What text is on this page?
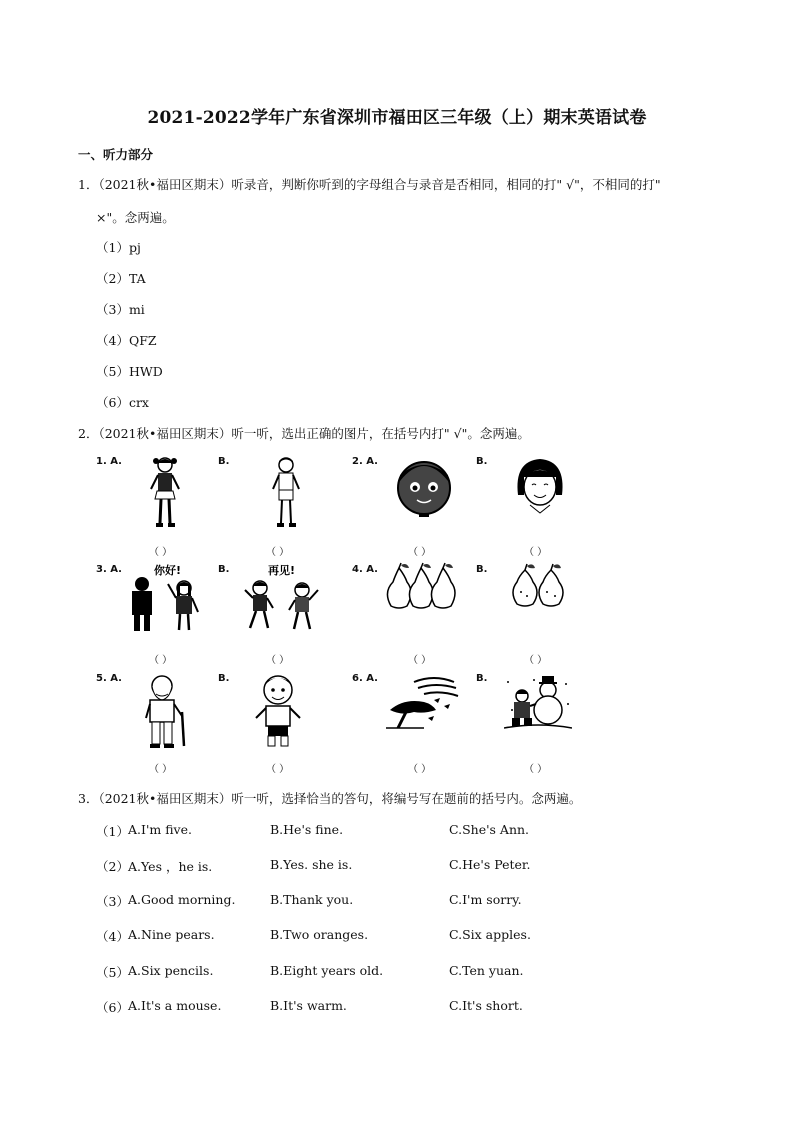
2021-2022学年广东省深圳市福田区三年级（上）期末英语试卷
一、听力部分
1．（2021秋•福田区期末）听录音，判断你听到的字母组合与录音是否相同，相同的打" √"，不相同的打"
×"。念两遍。
（1）pj
（2）TA
（3）mi
（4）QFZ
（5）HWD
（6）crx
2．（2021秋•福田区期末）听一听，选出正确的图片，在括号内打" √"。念两遍。
1. A.	B.	2. A.	B.
（ ）	（ ）	（ ）	（ ）
3. A.	B.	4. A.	B.
你好!	再见!
（ ）	（ ）	（ ）	（ ）
5. A.	B.	6. A.	B.
（ ）	（ ）	（ ）	（ ）
3．（2021秋•福田区期末）听一听，选择恰当的答句，将编号写在题前的括号内。念两遍。
（1） A.I'm five.	B.He's fine.	C.She's Ann.
（2） A.Yes ，he is.	B.Yes. she is.	C.He's Peter.
（3） A.Good morning.	B.Thank you.	C.I'm sorry.
（4） A.Nine pears.	B.Two oranges.	C.Six apples.
（5） A.Six pencils.	B.Eight years old.	C.Ten yuan.
（6） A.It's a mouse.	B.It's warm.	C.It's short.
